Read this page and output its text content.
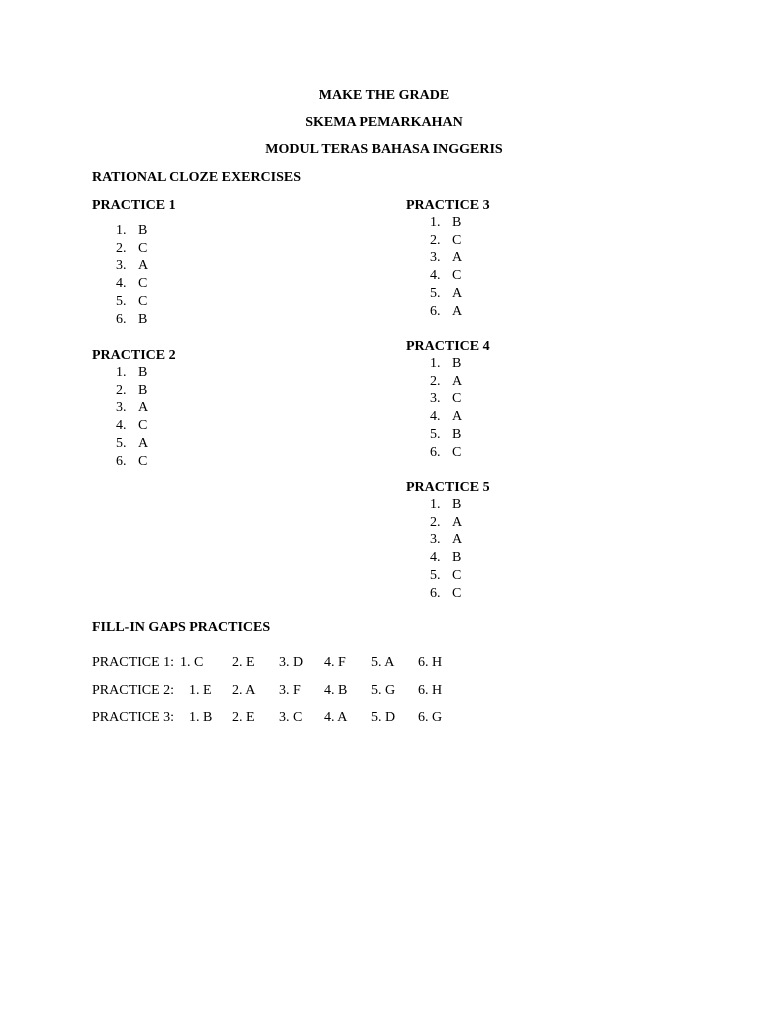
MAKE THE GRADE
SKEMA PEMARKAHAN
MODUL TERAS BAHASA INGGERIS
RATIONAL CLOZE EXERCISES
PRACTICE 1
PRACTICE 2
PRACTICE 3
PRACTICE 4
PRACTICE 5
FILL-IN GAPS PRACTICES
1. B
2. C
3. A
4. C
5. C
6. B
1. B
2. B
3. A
4. C
5. A
6. C
1. B
2. C
3. A
4. C
5. A
6. A
1. B
2. A
3. C
4. A
5. B
6. C
1. B
2. A
3. A
4. B
5. C
6. C
PRACTICE 1: 1. C 2. E 3. D 4. F 5. A 6. H
PRACTICE 2: 1. E 2. A 3. F 4. B 5. G 6. H
PRACTICE 3: 1. B 2. E 3. C 4. A 5. D 6. G
